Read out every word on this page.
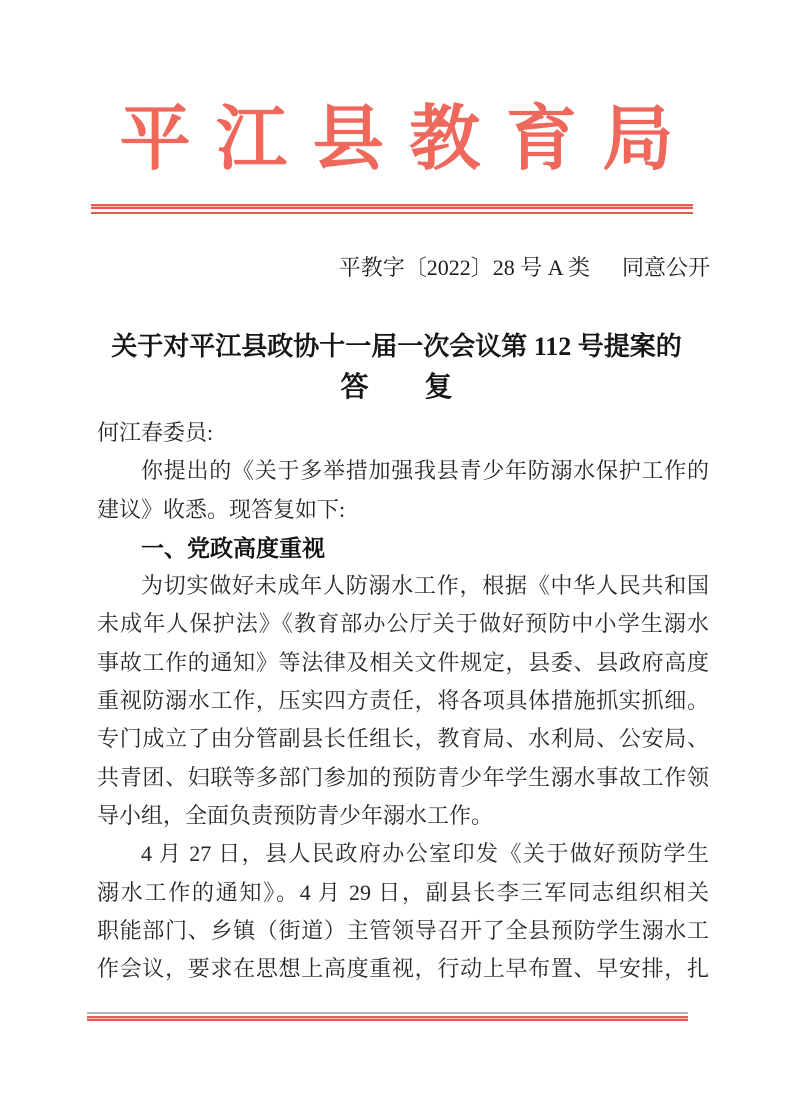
平江县教育局
平教字〔2022〕28 号 A 类 同意公开
关于对平江县政协十一届一次会议第 112 号提案的
答　　复
何江春委员:
你提出的《关于多举措加强我县青少年防溺水保护工作的
建议》收悉。现答复如下:
一、党政高度重视
为切实做好未成年人防溺水工作，根据《中华人民共和国
未成年人保护法》《教育部办公厅关于做好预防中小学生溺水
事故工作的通知》等法律及相关文件规定，县委、县政府高度
重视防溺水工作，压实四方责任，将各项具体措施抓实抓细。
专门成立了由分管副县长任组长，教育局、水利局、公安局、
共青团、妇联等多部门参加的预防青少年学生溺水事故工作领
导小组，全面负责预防青少年溺水工作。
4 月 27 日，县人民政府办公室印发《关于做好预防学生
溺水工作的通知》。4 月 29 日，副县长李三军同志组织相关
职能部门、乡镇（街道）主管领导召开了全县预防学生溺水工
作会议，要求在思想上高度重视，行动上早布置、早安排，扎
